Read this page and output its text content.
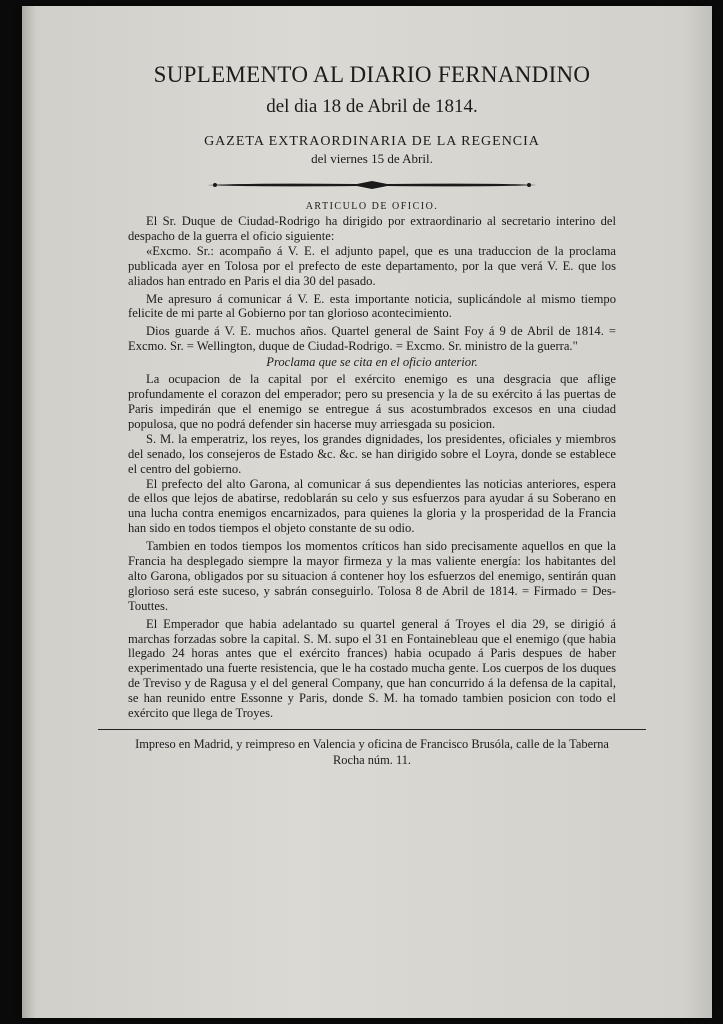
SUPLEMENTO AL DIARIO FERNANDINO
del dia 18 de Abril de 1814.
GAZETA EXTRAORDINARIA DE LA REGENCIA
del viernes 15 de Abril.
ARTICULO DE OFICIO.

El Sr. Duque de Ciudad-Rodrigo ha dirigido por extraordinario al secretario interino del despacho de la guerra el oficio siguiente:

«Excmo. Sr.: acompaño á V. E. el adjunto papel, que es una traduccion de la proclama publicada ayer en Tolosa por el prefecto de este departamento, por la que verá V. E. que los aliados han entrado en Paris el dia 30 del pasado.

Me apresuro á comunicar á V. E. esta importante noticia, suplicándole al mismo tiempo felicite de mi parte al Gobierno por tan glorioso acontecimiento.

Dios guarde á V. E. muchos años. Quartel general de Saint Foy á 9 de Abril de 1814. = Excmo. Sr. = Wellington, duque de Ciudad-Rodrigo. = Excmo. Sr. ministro de la guerra."

Proclama que se cita en el oficio anterior.

La ocupacion de la capital por el exército enemigo es una desgracia que aflige profundamente el corazon del emperador; pero su presencia y la de su exército á las puertas de Paris impedirán que el enemigo se entregue á sus acostumbrados excesos en una ciudad populosa, que no podrá defender sin hacerse muy arriesgada su posicion.

S. M. la emperatriz, los reyes, los grandes dignidades, los presidentes, oficiales y miembros del senado, los consejeros de Estado &c. &c. se han dirigido sobre el Loyra, donde se establece el centro del gobierno.

El prefecto del alto Garona, al comunicar á sus dependientes las noticias anteriores, espera de ellos que lejos de abatirse, redoblarán su celo y sus esfuerzos para ayudar á su Soberano en una lucha contra enemigos encarnizados, para quienes la gloria y la prosperidad de la Francia han sido en todos tiempos el objeto constante de su odio.

Tambien en todos tiempos los momentos críticos han sido precisamente aquellos en que la Francia ha desplegado siempre la mayor firmeza y la mas valiente energía: los habitantes del alto Garona, obligados por su situacion á contener hoy los esfuerzos del enemigo, sentirán quan glorioso será este suceso, y sabrán conseguirlo. Tolosa 8 de Abril de 1814. = Firmado = Des-Touttes.

El Emperador que habia adelantado su quartel general á Troyes el dia 29, se dirigió á marchas forzadas sobre la capital. S. M. supo el 31 en Fontainebleau que el enemigo (que habia llegado 24 horas antes que el exército frances) habia ocupado á Paris despues de haber experimentado una fuerte resistencia, que le ha costado mucha gente. Los cuerpos de los duques de Treviso y de Ragusa y el del general Company, que han concurrido á la defensa de la capital, se han reunido entre Essonne y Paris, donde S. M. ha tomado tambien posicion con todo el exército que llega de Troyes.

Impreso en Madrid, y reimpreso en Valencia y oficina de Francisco Brusóla, calle de la Taberna Rocha núm. 11.
